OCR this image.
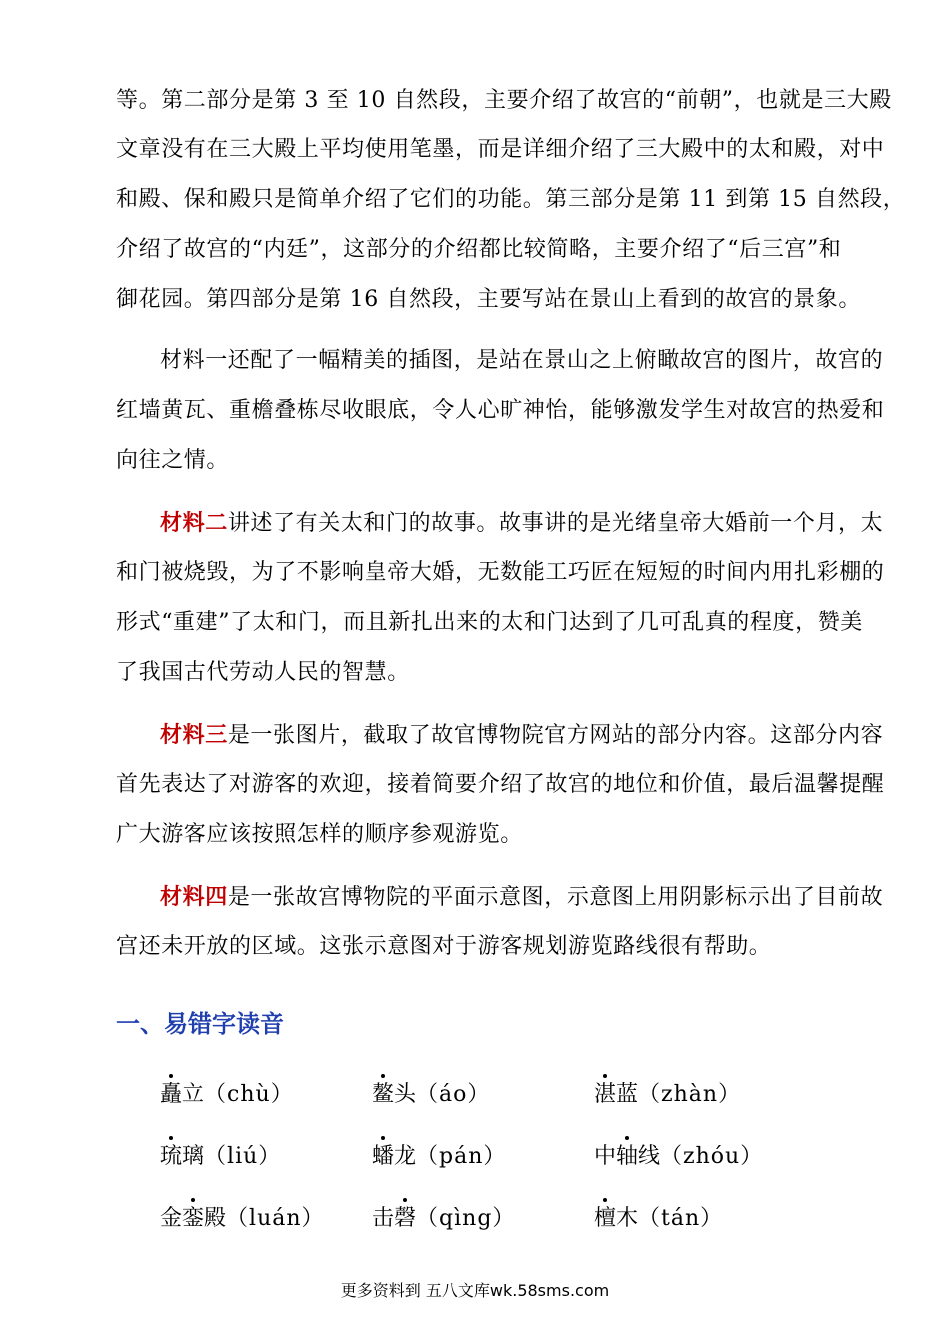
等。第二部分是第 3 至 10 自然段，主要介绍了故宫的“前朝”，也就是三大殿
文章没有在三大殿上平均使用笔墨，而是详细介绍了三大殿中的太和殿，对中
和殿、保和殿只是简单介绍了它们的功能。第三部分是第 11 到第 15 自然段，
介绍了故宫的“内廷”，这部分的介绍都比较简略，主要介绍了“后三宫”和
御花园。第四部分是第 16 自然段，主要写站在景山上看到的故宫的景象。
材料一还配了一幅精美的插图，是站在景山之上俯瞰故宫的图片，故宫的
红墙黄瓦、重檐叠栋尽收眼底，令人心旷神怡，能够激发学生对故宫的热爱和
向往之情。
材料二讲述了有关太和门的故事。故事讲的是光绪皇帝大婚前一个月，太
和门被烧毁，为了不影响皇帝大婚，无数能工巧匠在短短的时间内用扎彩棚的
形式“重建”了太和门，而且新扎出来的太和门达到了几可乱真的程度，赞美
了我国古代劳动人民的智慧。
材料三是一张图片，截取了故官博物院官方网站的部分内容。这部分内容
首先表达了对游客的欢迎，接着简要介绍了故宫的地位和价值，最后温馨提醒
广大游客应该按照怎样的顺序参观游览。
材料四是一张故宫博物院的平面示意图，示意图上用阴影标示出了目前故
宫还未开放的区域。这张示意图对于游客规划游览路线很有帮助。
一、易错字读音
矗立（chù）	鳌头（áo）	湛蓝（zhàn）
琉璃（liú）	蟠龙（pán）	中轴线（zhóu）
金銮殿（luán） 击磬（qìng）	檀木（tán）
更多资料到 五八文库wk.58sms.com
